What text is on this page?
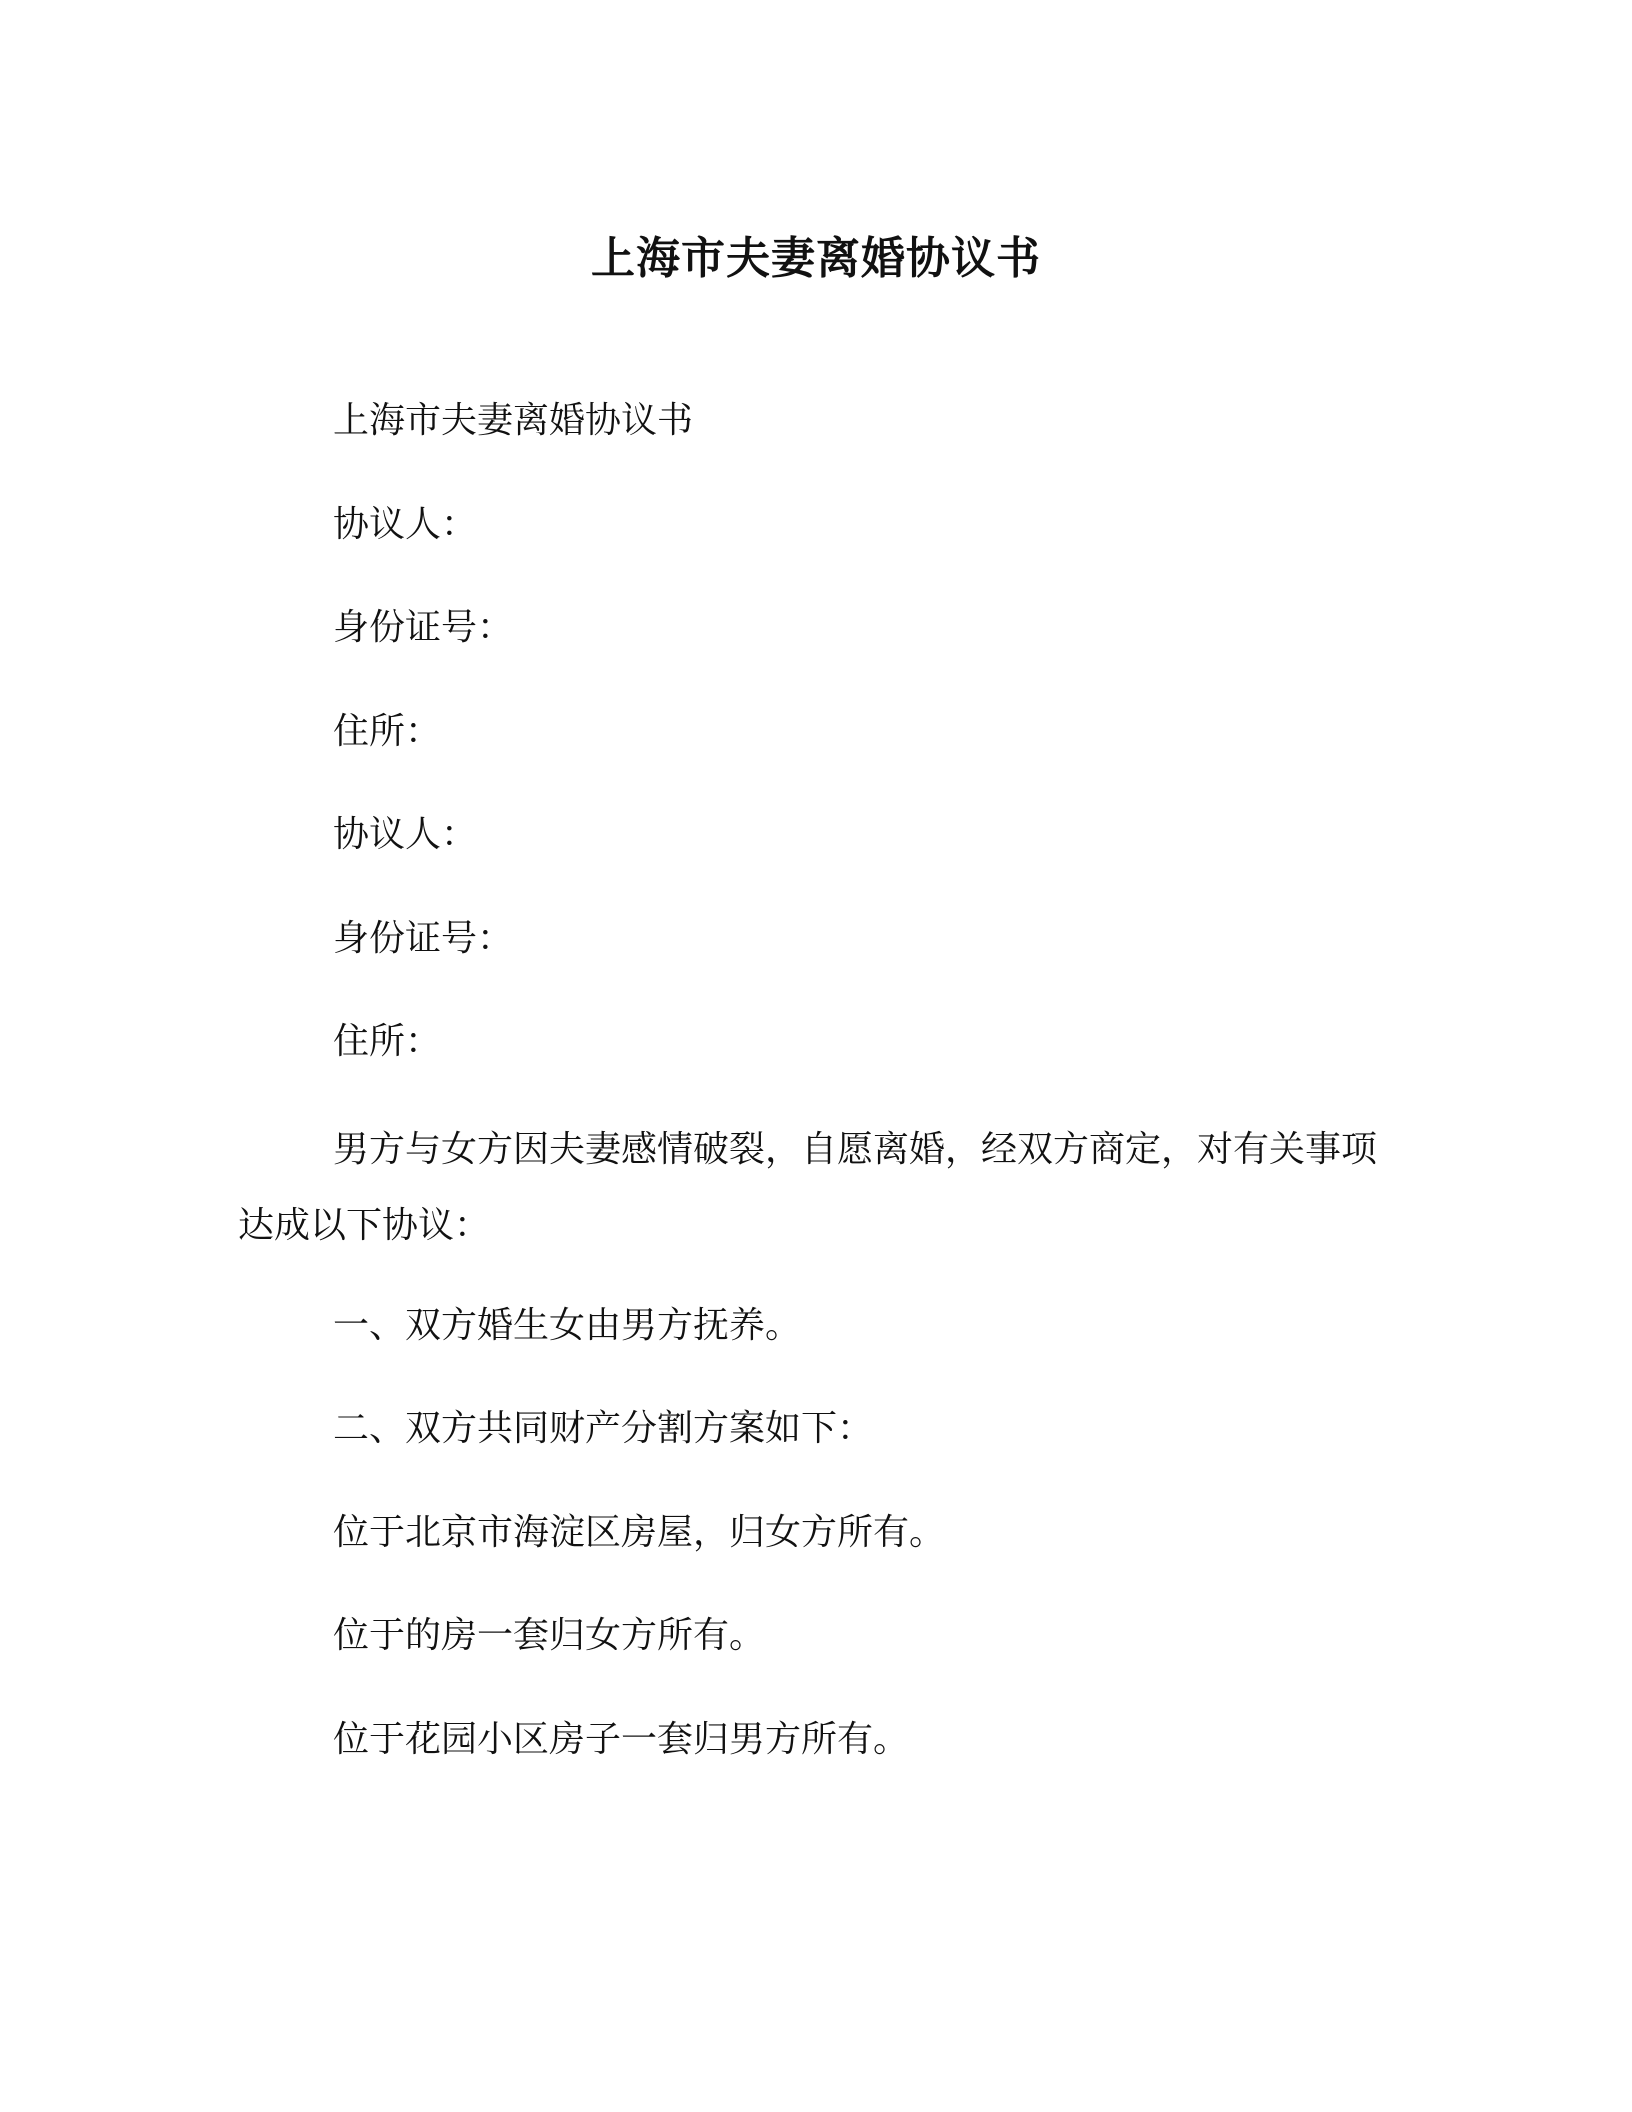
上海市夫妻离婚协议书
上海市夫妻离婚协议书
协议人：
身份证号：
住所：
协议人：
身份证号：
住所：
男方与女方因夫妻感情破裂，自愿离婚，经双方商定，对有关事项达成以下协议：
一、双方婚生女由男方抚养。
二、双方共同财产分割方案如下：
位于北京市海淀区房屋，归女方所有。
位于的房一套归女方所有。
位于花园小区房子一套归男方所有。
